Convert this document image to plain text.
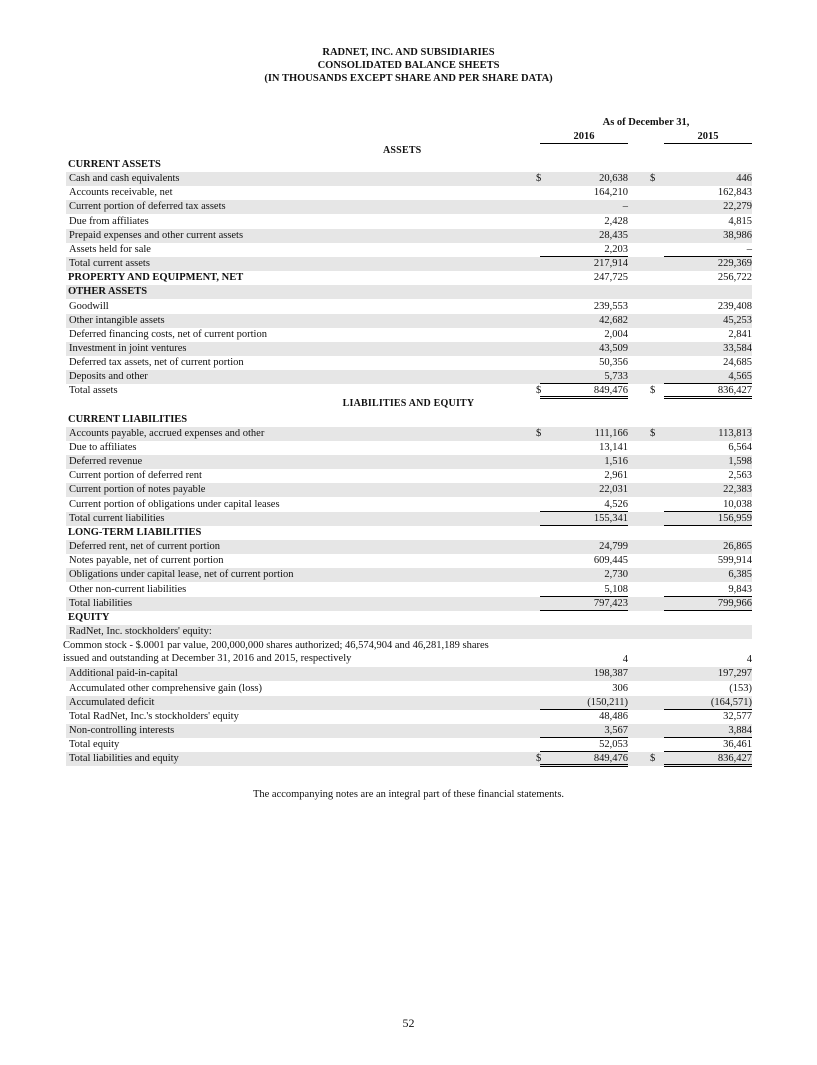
RADNET, INC. AND SUBSIDIARIES
CONSOLIDATED BALANCE SHEETS
(IN THOUSANDS EXCEPT SHARE AND PER SHARE DATA)
As of December 31,
2016	2015
ASSETS
CURRENT ASSETS
Cash and cash equivalents	$	20,638 $	446
Accounts receivable, net	164,210	162,843
Current portion of deferred tax assets	–	22,279
Due from affiliates	2,428	4,815
Prepaid expenses and other current assets	28,435	38,986
Assets held for sale	2,203	–
Total current assets	217,914	229,369
PROPERTY AND EQUIPMENT, NET	247,725	256,722
OTHER ASSETS
Goodwill	239,553	239,408
Other intangible assets	42,682	45,253
Deferred financing costs, net of current portion	2,004	2,841
Investment in joint ventures	43,509	33,584
Deferred tax assets, net of current portion	50,356	24,685
Deposits and other	5,733	4,565
Total assets	$	849,476 $	836,427
LIABILITIES AND EQUITY
CURRENT LIABILITIES
Accounts payable, accrued expenses and other	$	111,166 $	113,813
Due to affiliates	13,141	6,564
Deferred revenue	1,516	1,598
Current portion of deferred rent	2,961	2,563
Current portion of notes payable	22,031	22,383
Current portion of obligations under capital leases	4,526	10,038
Total current liabilities	155,341	156,959
LONG-TERM LIABILITIES
Deferred rent, net of current portion	24,799	26,865
Notes payable, net of current portion	609,445	599,914
Obligations under capital lease, net of current portion	2,730	6,385
Other non-current liabilities	5,108	9,843
Total liabilities	797,423	799,966
EQUITY
RadNet, Inc. stockholders' equity:
Common stock - $.0001 par value, 200,000,000 shares authorized; 46,574,904 and 46,281,189 shares issued and outstanding at December 31, 2016 and 2015, respectively	4	4
Additional paid-in-capital	198,387	197,297
Accumulated other comprehensive gain (loss)	306	(153)
Accumulated deficit	(150,211)	(164,571)
Total RadNet, Inc.'s stockholders' equity	48,486	32,577
Non-controlling interests	3,567	3,884
Total equity	52,053	36,461
Total liabilities and equity	$	849,476 $	836,427
The accompanying notes are an integral part of these financial statements.
52
